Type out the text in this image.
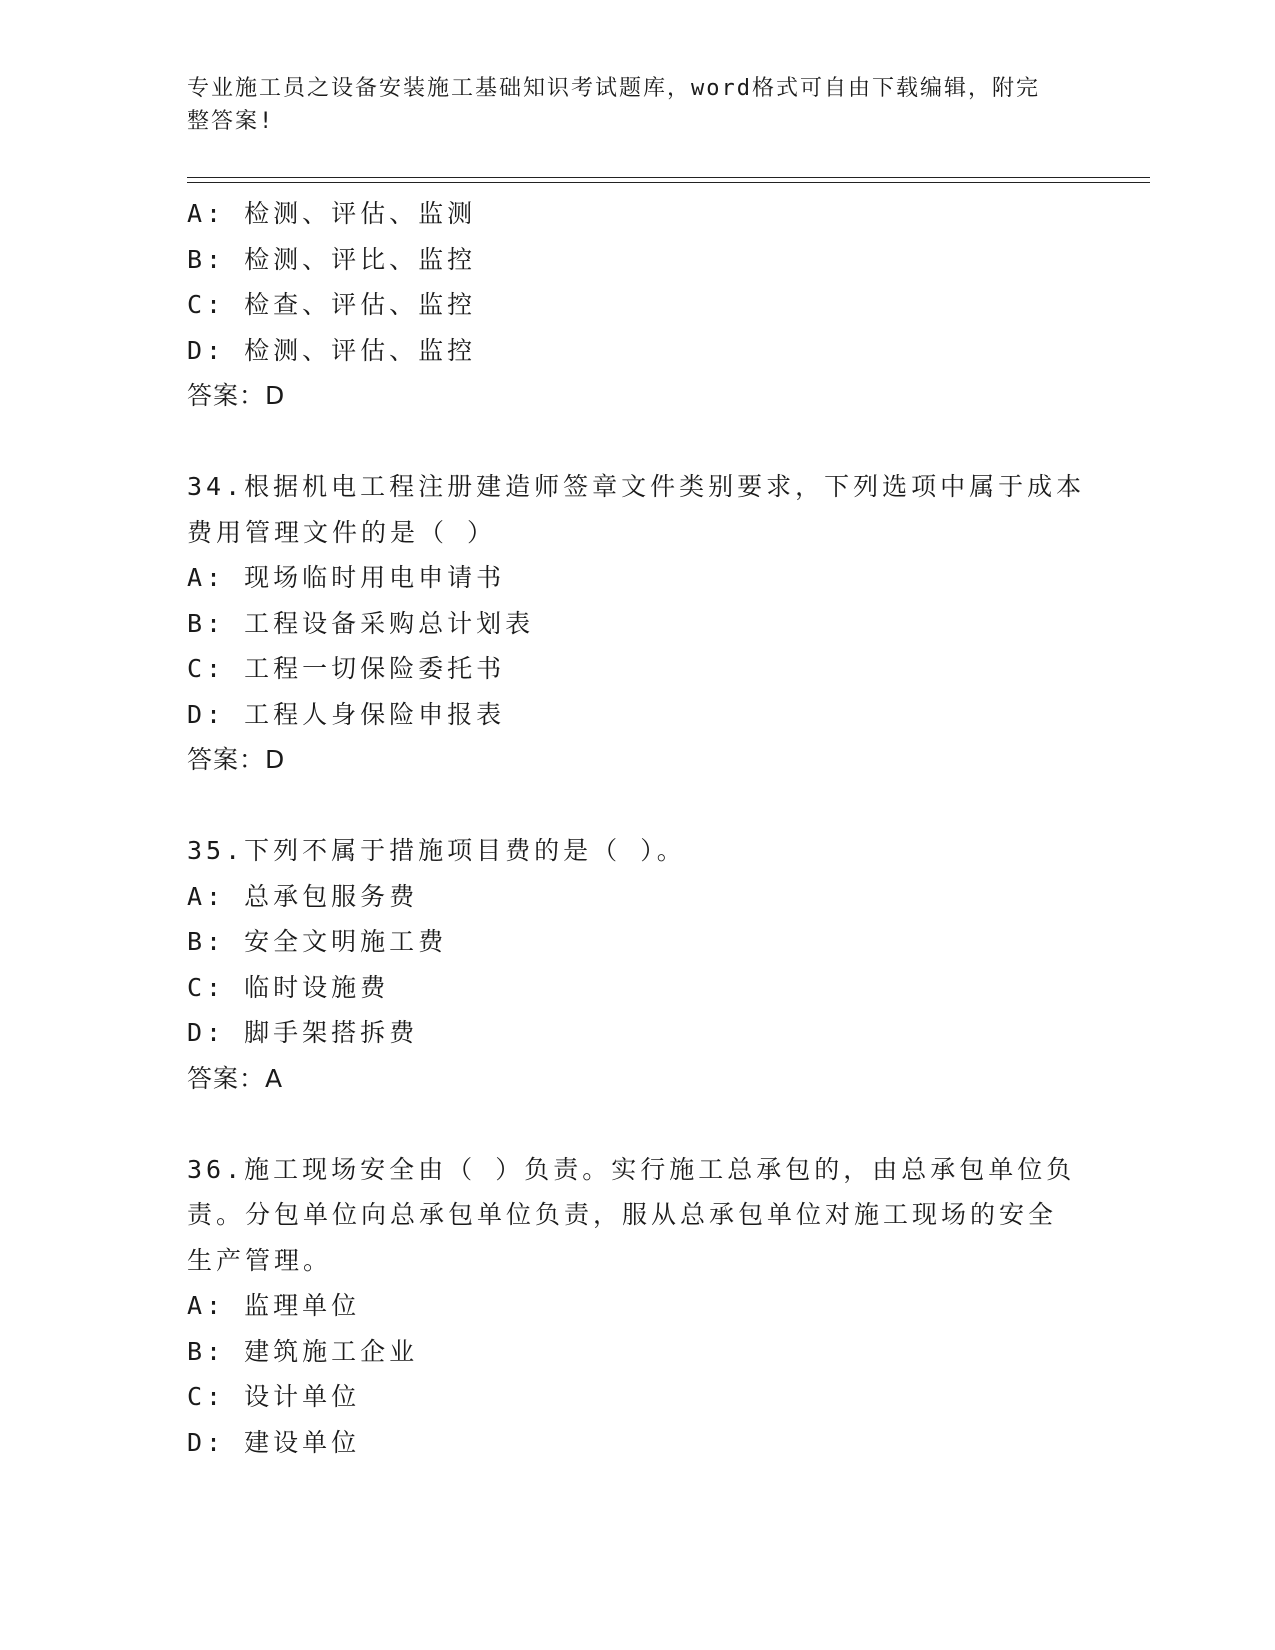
专业施工员之设备安装施工基础知识考试题库，word格式可自由下载编辑，附完
整答案!
A: 检测、评估、监测
B: 检测、评比、监控
C: 检查、评估、监控
D: 检测、评估、监控
答案：D
34.根据机电工程注册建造师签章文件类别要求，下列选项中属于成本
费用管理文件的是（ ）
A: 现场临时用电申请书
B: 工程设备采购总计划表
C: 工程一切保险委托书
D: 工程人身保险申报表
答案：D
35.下列不属于措施项目费的是（ ）。
A: 总承包服务费
B: 安全文明施工费
C: 临时设施费
D: 脚手架搭拆费
答案：A
36.施工现场安全由（ ）负责。实行施工总承包的，由总承包单位负
责。分包单位向总承包单位负责，服从总承包单位对施工现场的安全
生产管理。
A: 监理单位
B: 建筑施工企业
C: 设计单位
D: 建设单位
